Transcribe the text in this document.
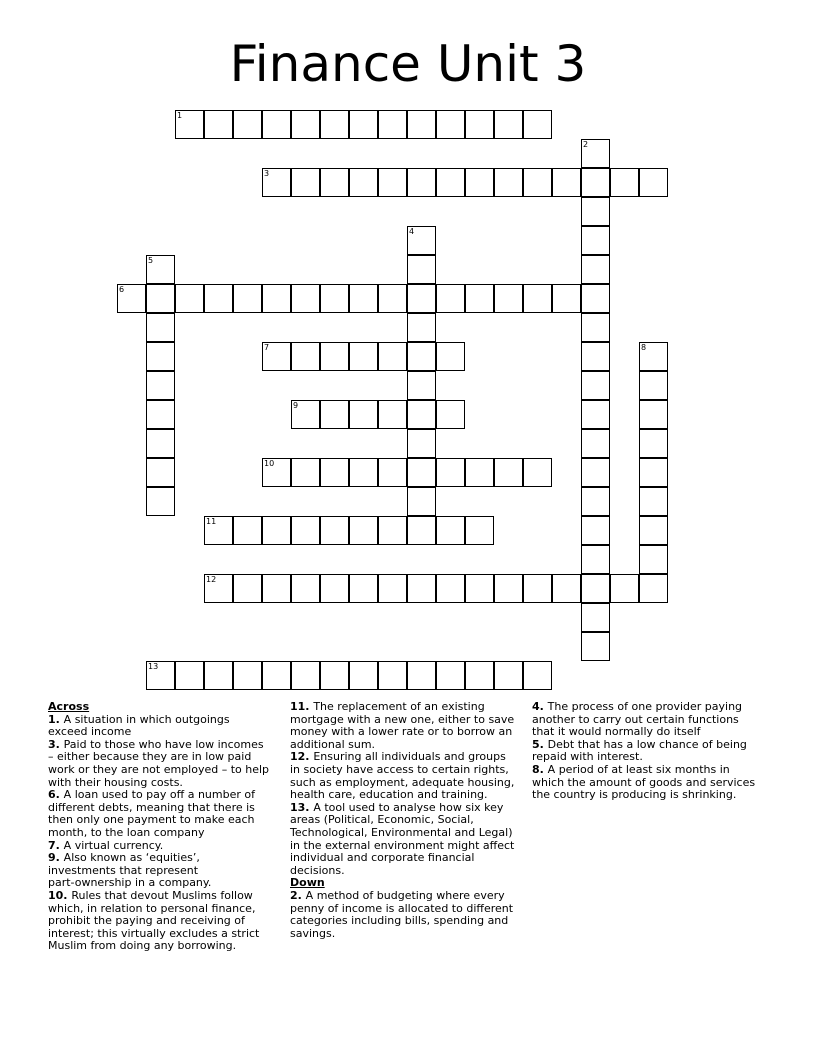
Finance Unit 3
1
2
3
4
5
6
7	8
9
10
11
12
13

Across

1. A situation in which outgoings
exceed income

3. Paid to those who have low incomes
– either because they are in low paid
work or they are not employed – to help
with their housing costs.

6. A loan used to pay off a number of
different debts, meaning that there is
then only one payment to make each
month, to the loan company

7. A virtual currency.

9. Also known as ‘equities’,
investments that represent
part-ownership in a company.

10. Rules that devout Muslims follow
which, in relation to personal finance,
prohibit the paying and receiving of
interest; this virtually excludes a strict
Muslim from doing any borrowing.

11. The replacement of an existing
mortgage with a new one, either to save
money with a lower rate or to borrow an
additional sum.

12. Ensuring all individuals and groups
in society have access to certain rights,
such as employment, adequate housing,
health care, education and training.

13. A tool used to analyse how six key
areas (Political, Economic, Social,
Technological, Environmental and Legal)
in the external environment might affect
individual and corporate financial
decisions.

Down

2. A method of budgeting where every
penny of income is allocated to different
categories including bills, spending and
savings.

4. The process of one provider paying
another to carry out certain functions
that it would normally do itself

5. Debt that has a low chance of being
repaid with interest.

8. A period of at least six months in
which the amount of goods and services
the country is producing is shrinking.
